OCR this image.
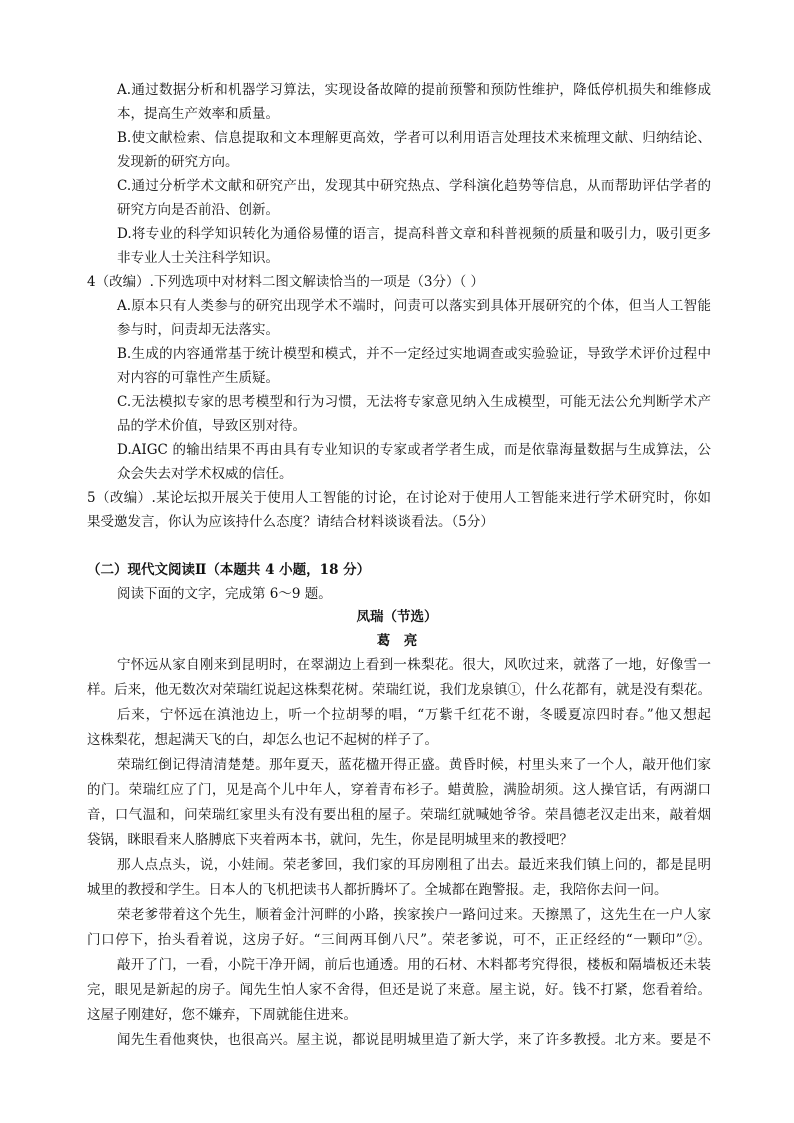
A.通过数据分析和机器学习算法，实现设备故障的提前预警和预防性维护，降低停机损失和维修成
本，提高生产效率和质量。
B.使文献检索、信息提取和文本理解更高效，学者可以利用语言处理技术来梳理文献、归纳结论、
发现新的研究方向。
C.通过分析学术文献和研究产出，发现其中研究热点、学科演化趋势等信息，从而帮助评估学者的
研究方向是否前沿、创新。
D.将专业的科学知识转化为通俗易懂的语言，提高科普文章和科普视频的质量和吸引力，吸引更多
非专业人士关注科学知识。
4（改编）.下列选项中对材料二图文解读恰当的一项是（3分）（ ）
A.原本只有人类参与的研究出现学术不端时，问责可以落实到具体开展研究的个体，但当人工智能
参与时，问责却无法落实。
B.生成的内容通常基于统计模型和模式，并不一定经过实地调查或实验验证，导致学术评价过程中
对内容的可靠性产生质疑。
C.无法模拟专家的思考模型和行为习惯，无法将专家意见纳入生成模型，可能无法公允判断学术产
品的学术价值，导致区别对待。
D.AIGC 的输出结果不再由具有专业知识的专家或者学者生成，而是依靠海量数据与生成算法，公
众会失去对学术权威的信任。
5（改编）.某论坛拟开展关于使用人工智能的讨论，在讨论对于使用人工智能来进行学术研究时，你如
果受邀发言，你认为应该持什么态度？请结合材料谈谈看法。（5分）
（二）现代文阅读Ⅱ（本题共 4 小题，18 分）
阅读下面的文字，完成第 6～9 题。
凤瑞（节选）
葛　亮
宁怀远从家自刚来到昆明时，在翠湖边上看到一株梨花。很大，风吹过来，就落了一地，好像雪一
样。后来，他无数次对荣瑞红说起这株梨花树。荣瑞红说，我们龙泉镇①，什么花都有，就是没有梨花。
后来，宁怀远在滇池边上，听一个拉胡琴的唱，“万紫千红花不谢，冬暖夏凉四时春。”他又想起
这株梨花，想起满天飞的白，却怎么也记不起树的样子了。
荣瑞红倒记得清清楚楚。那年夏天，蓝花楹开得正盛。黄昏时候，村里头来了一个人，敲开他们家
的门。荣瑞红应了门，见是高个儿中年人，穿着青布衫子。蜡黄脸，满脸胡须。这人操官话，有两湖口
音，口气温和，问荣瑞红家里头有没有要出租的屋子。荣瑞红就喊她爷爷。荣昌德老汉走出来，敲着烟
袋锅，眯眼看来人胳膊底下夹着两本书，就问，先生，你是昆明城里来的教授吧？
那人点点头，说，小娃闹。荣老爹回，我们家的耳房刚租了出去。最近来我们镇上问的，都是昆明
城里的教授和学生。日本人的飞机把读书人都折腾坏了。全城都在跑警报。走，我陪你去问一问。
荣老爹带着这个先生，顺着金汁河畔的小路，挨家挨户一路问过来。天擦黑了，这先生在一户人家
门口停下，抬头看着说，这房子好。“三间两耳倒八尺”。荣老爹说，可不，正正经经的“一颗印”②。
敲开了门，一看，小院干净开阔，前后也通透。用的石材、木料都考究得很，楼板和隔墙板还未装
完，眼见是新起的房子。闻先生怕人家不舍得，但还是说了来意。屋主说，好。钱不打紧，您看着给。
这屋子刚建好，您不嫌弃，下周就能住进来。
闻先生看他爽快，也很高兴。屋主说，都说昆明城里造了新大学，来了许多教授。北方来。要是不
